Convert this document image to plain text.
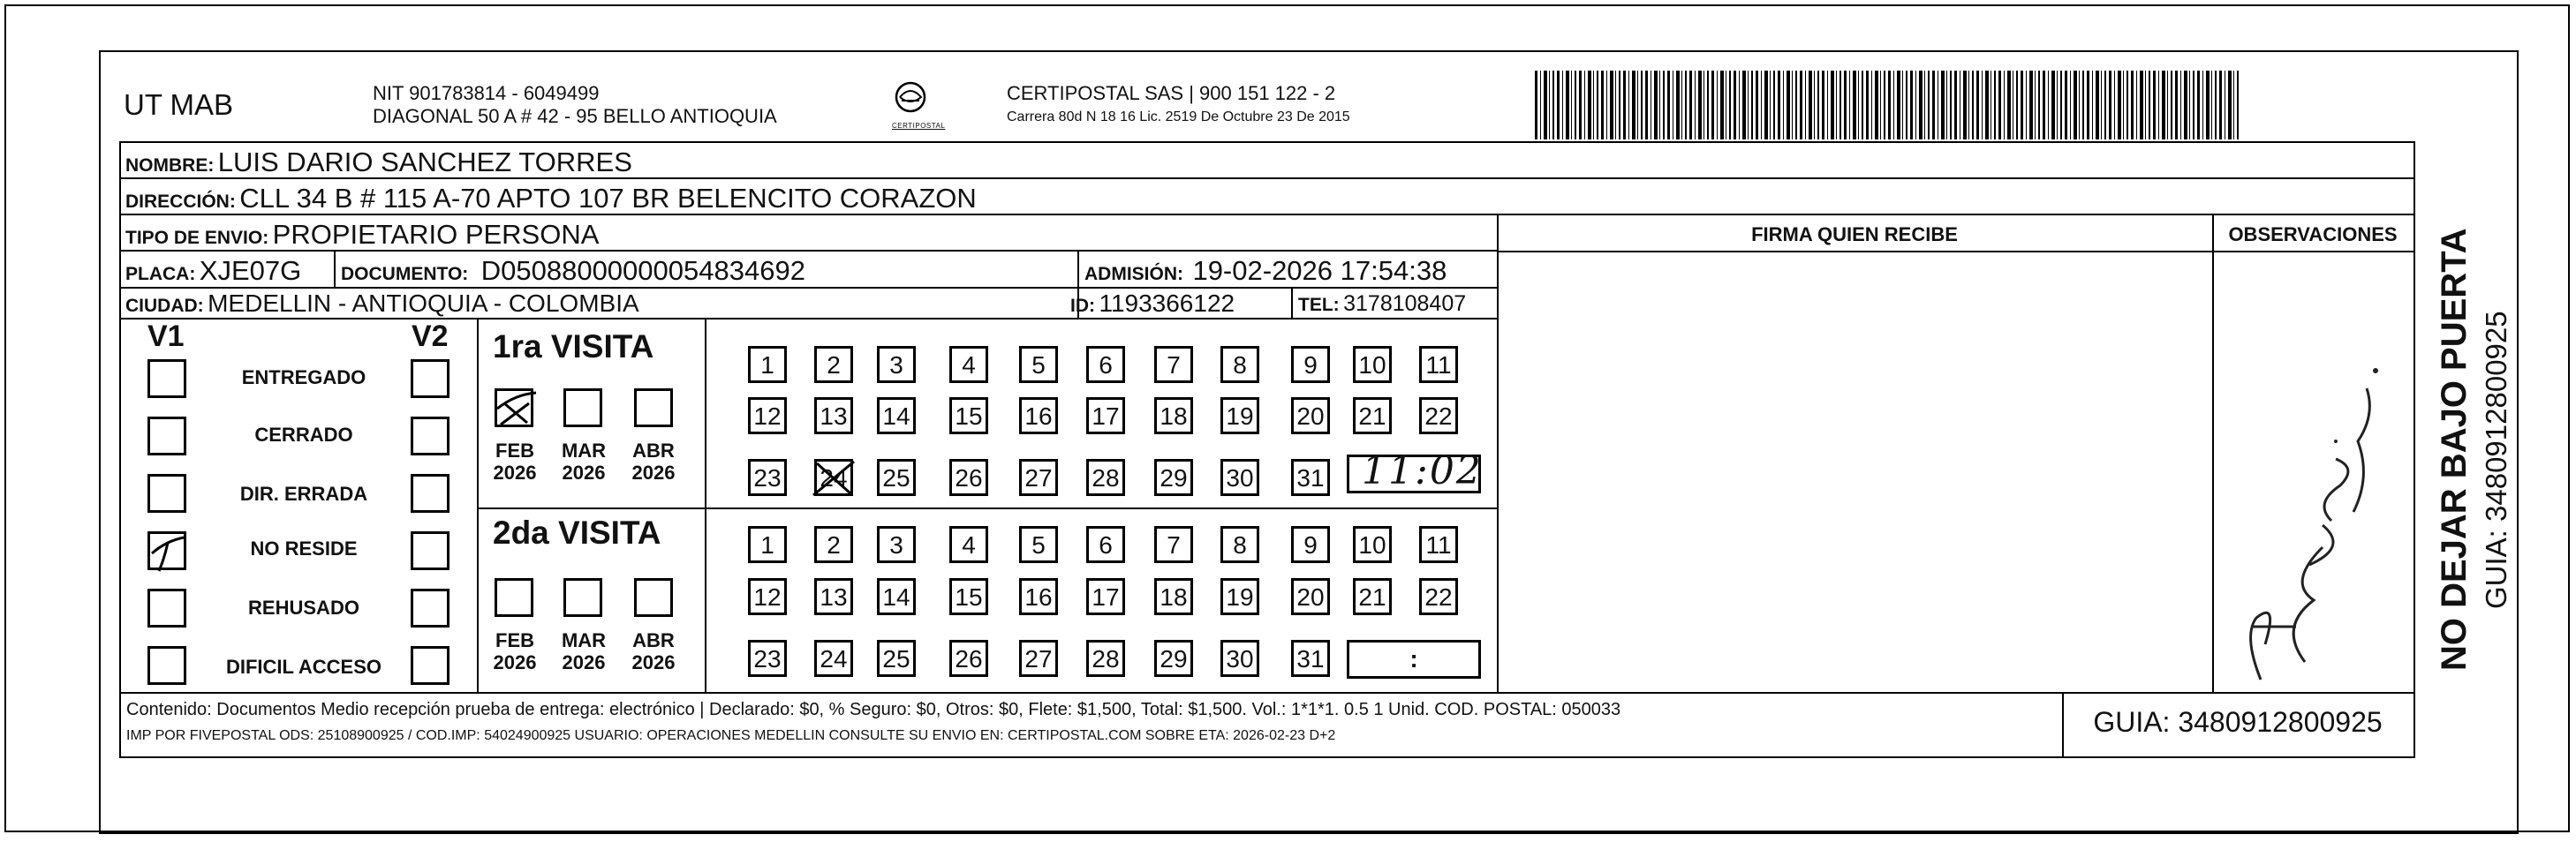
UT MAB	NIT 901783814 - 6049499
DIAGONAL 50 A # 42 - 95 BELLO ANTIOQUIA	CERTIPOSTAL
CERTIPOSTAL SAS | 900 151 122 - 2
Carrera 80d N 18 16 Lic. 2519 De Octubre 23 De 2015
NOMBRE: LUIS DARIO SANCHEZ TORRES
DIRECCIÓN: CLL 34 B # 115 A-70 APTO 107 BR BELENCITO CORAZON
TIPO DE ENVIO: PROPIETARIO PERSONA
PLACA: XJE07G DOCUMENTO: D05088000000054834692	ADMISIÓN: 19-02-2026 17:54:38
CIUDAD: MEDELLIN - ANTIOQUIA - COLOMBIA	ID: 1193366122	TEL: 3178108407
FIRMA QUIEN RECIBE	OBSERVACIONES
V1	V2
ENTREGADO
CERRADO
DIR. ERRADA
NO RESIDE
REHUSADO
DIFICIL ACCESO
1ra VISITA
2da VISITA
FEB
2026
MAR
2026
ABR
2026
FEB
2026
MAR
2026
ABR
2026
1	2	3	4	5	6	7	8	9	10 11
12 13 14 15 16 17 18 19 20 21 22
23 24 25 26 27 28 29 30 31
1	2	3	4	5	6	7	8	9	10 11
12 13 14 15 16 17 18 19 20 21 22
23 24 25 26 27 28 29 30 31
11:02
:	NO DEJAR BAJO PUERTA GUIA: 3480912800925
Contenido: Documentos Medio recepción prueba de entrega: electrónico | Declarado: $0, % Seguro: $0, Otros: $0, Flete: $1,500, Total: $1,500. Vol.: 1*1*1. 0.5 1 Unid. COD. POSTAL: 050033
IMP POR FIVEPOSTAL ODS: 25108900925 / COD.IMP: 54024900925 USUARIO: OPERACIONES MEDELLIN CONSULTE SU ENVIO EN: CERTIPOSTAL.COM SOBRE ETA: 2026-02-23 D+2	GUIA: 3480912800925
